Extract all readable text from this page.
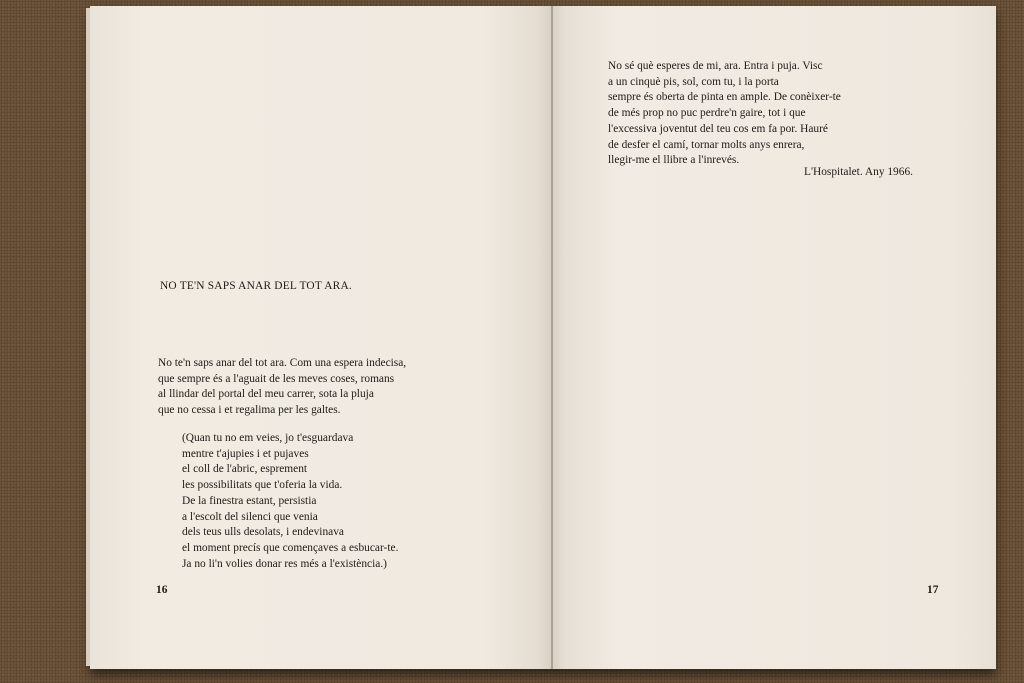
NO TE'N SAPS ANAR DEL TOT ARA.
No te'n saps anar del tot ara. Com una espera indecisa,
que sempre és a l'aguait de les meves coses, romans
al llindar del portal del meu carrer, sota la pluja
que no cessa i et regalima per les galtes.
(Quan tu no em veies, jo t'esguardava
mentre t'ajupies i et pujaves
el coll de l'abric, esprement
les possibilitats que t'oferia la vida.
De la finestra estant, persistia
a l'escolt del silenci que venia
dels teus ulls desolats, i endevinava
el moment precís que començaves a esbucar-te.
Ja no li'n volies donar res més a l'existència.)
16
No sé què esperes de mi, ara. Entra i puja. Visc
a un cinquè pis, sol, com tu, i la porta
sempre és oberta de pinta en ample. De conèixer-te
de més prop no puc perdre'n gaire, tot i que
l'excessiva joventut del teu cos em fa por. Hauré
de desfer el camí, tornar molts anys enrera,
llegir-me el llibre a l'inrevés.
L'Hospitalet. Any 1966.
17
